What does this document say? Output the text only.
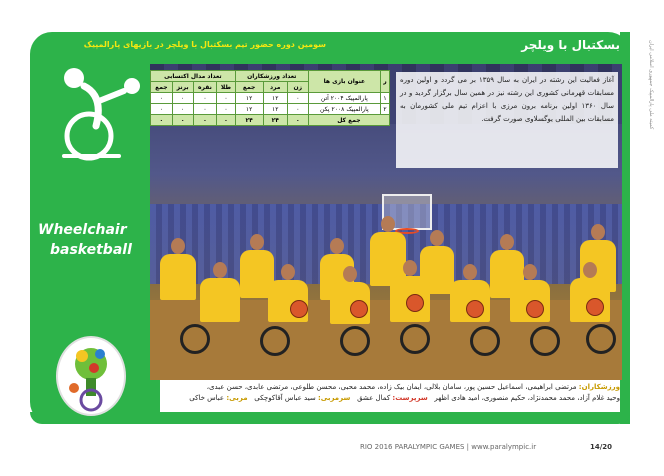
سومین دوره حضور تیم بسکتبال با ویلچر در بازیهای پارالمپیک	بسکتبال با ویلچر
Wheelchair
basketball
آغاز فعالیت این رشته در ایران به سال ۱۳۵۹ بر می گردد و اولین دوره مسابقات قهرمانی کشوری این رشته نیز در همین سال برگزار گردید و در سال ۱۳۶۰ اولین برنامه برون مرزی با اعزام تیم ملی کشورمان به مسابقات بین المللی یوگسلاوی صورت گرفت.
ر	عنوان بازی ها	تعداد ورزشکاران			تعداد مدال اکتسابی			
		زن	مرد	جمع	طلا	نقره	برنز	جمع
۱	پارالمپیک ۲۰۰۴ آتن	۰	۱۲	۱۲	۰	۰	۰	۰
۲	پارالمپیک ۲۰۰۸ پکن	۰	۱۲	۱۲	۰	۰	۰	۰
جمع کل		۰	۲۴	۲۴	۰	۰	۰	۰
ورزشکاران: مرتضی ابراهیمی، اسماعیل حسین پور، سامان بلالی، ایمان بیک زاده، محمد محبی، محسن طلوعی، مرتضی عابدی، حسن عبدی،
وحید غلام آزاد، محمد محمدنژاد، حکیم منصوری، امید هادی اظهر   سرپرست: کمال عشق   سرمربی: سید عباس آقاکوچکی   مربی: عباس خاکی
RIO 2016 PARALYMPIC GAMES | www.paralympic.ir	14/20
کمیته ملی پارالمپیک جمهوری اسلامی ایران
